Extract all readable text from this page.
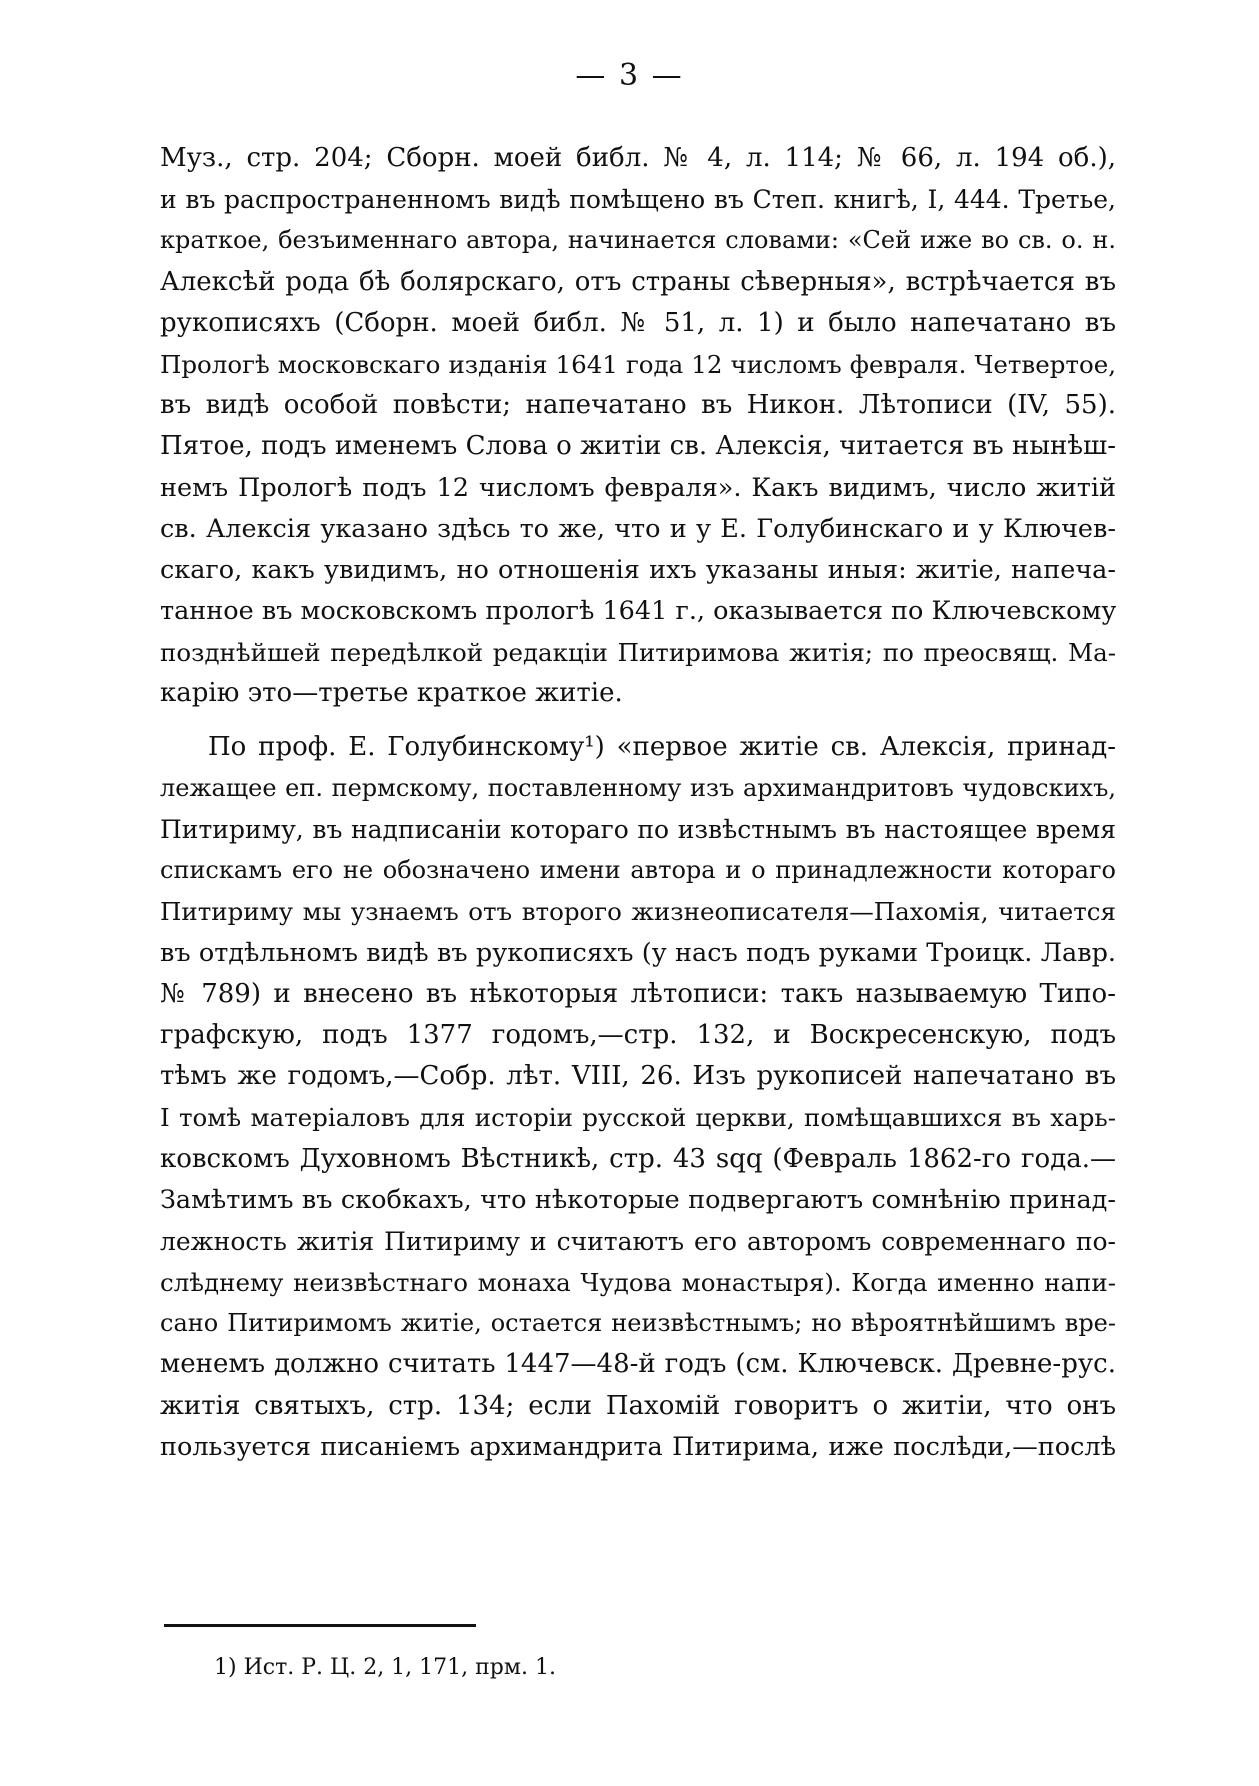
— 3 —
Муз., стр. 204; Сборн. моей библ. № 4, л. 114; № 66, л. 194 об.),
и въ распространенномъ видѣ помѣщено въ Степ. книгѣ, I, 444. Третье,
краткое, безъименнаго автора, начинается словами: «Сей иже во св. о. н.
Алексѣй рода бѣ болярскаго, отъ страны сѣверныя», встрѣчается въ
рукописяхъ (Сборн. моей библ. № 51, л. 1) и было напечатано въ
Прологѣ московскаго изданія 1641 года 12 числомъ февраля. Четвертое,
въ видѣ особой повѣсти; напечатано въ Никон. Лѣтописи (IV, 55).
Пятое, подъ именемъ Слова о житіи св. Алексія, читается въ нынѣш-
немъ Прологѣ подъ 12 числомъ февраля». Какъ видимъ, число житій
св. Алексія указано здѣсь то же, что и у Е. Голубинскаго и у Ключев-
скаго, какъ увидимъ, но отношенія ихъ указаны иныя: житіе, напеча-
танное въ московскомъ прологѣ 1641 г., оказывается по Ключевскому
позднѣйшей передѣлкой редакціи Питиримова житія; по преосвящ. Ма-
карію это—третье краткое житіе.
По проф. Е. Голубинскому¹) «первое житіе св. Алексія, принад-
лежащее еп. пермскому, поставленному изъ архимандритовъ чудовскихъ,
Питириму, въ надписаніи котораго по извѣстнымъ въ настоящее время
спискамъ его не обозначено имени автора и о принадлежности котораго
Питириму мы узнаемъ отъ второго жизнеописателя—Пахомія, читается
въ отдѣльномъ видѣ въ рукописяхъ (у насъ подъ руками Троицк. Лавр.
№ 789) и внесено въ нѣкоторыя лѣтописи: такъ называемую Типо-
графскую, подъ 1377 годомъ,—стр. 132, и Воскресенскую, подъ
тѣмъ же годомъ,—Собр. лѣт. VIII, 26. Изъ рукописей напечатано въ
I томѣ матеріаловъ для исторіи русской церкви, помѣщавшихся въ харь-
ковскомъ Духовномъ Вѣстникѣ, стр. 43 sqq (Февраль 1862-го года.—
Замѣтимъ въ скобкахъ, что нѣкоторые подвергаютъ сомнѣнію принад-
лежность житія Питириму и считаютъ его авторомъ современнаго по-
слѣднему неизвѣстнаго монаха Чудова монастыря). Когда именно напи-
сано Питиримомъ житіе, остается неизвѣстнымъ; но вѣроятнѣйшимъ вре-
менемъ должно считать 1447—48-й годъ (см. Ключевск. Древне-рус.
житія святыхъ, стр. 134; если Пахомій говоритъ о житіи, что онъ
пользуется писаніемъ архимандрита Питирима, иже послѣди,—послѣ
1) Ист. Р. Ц. 2, 1, 171, прм. 1.
